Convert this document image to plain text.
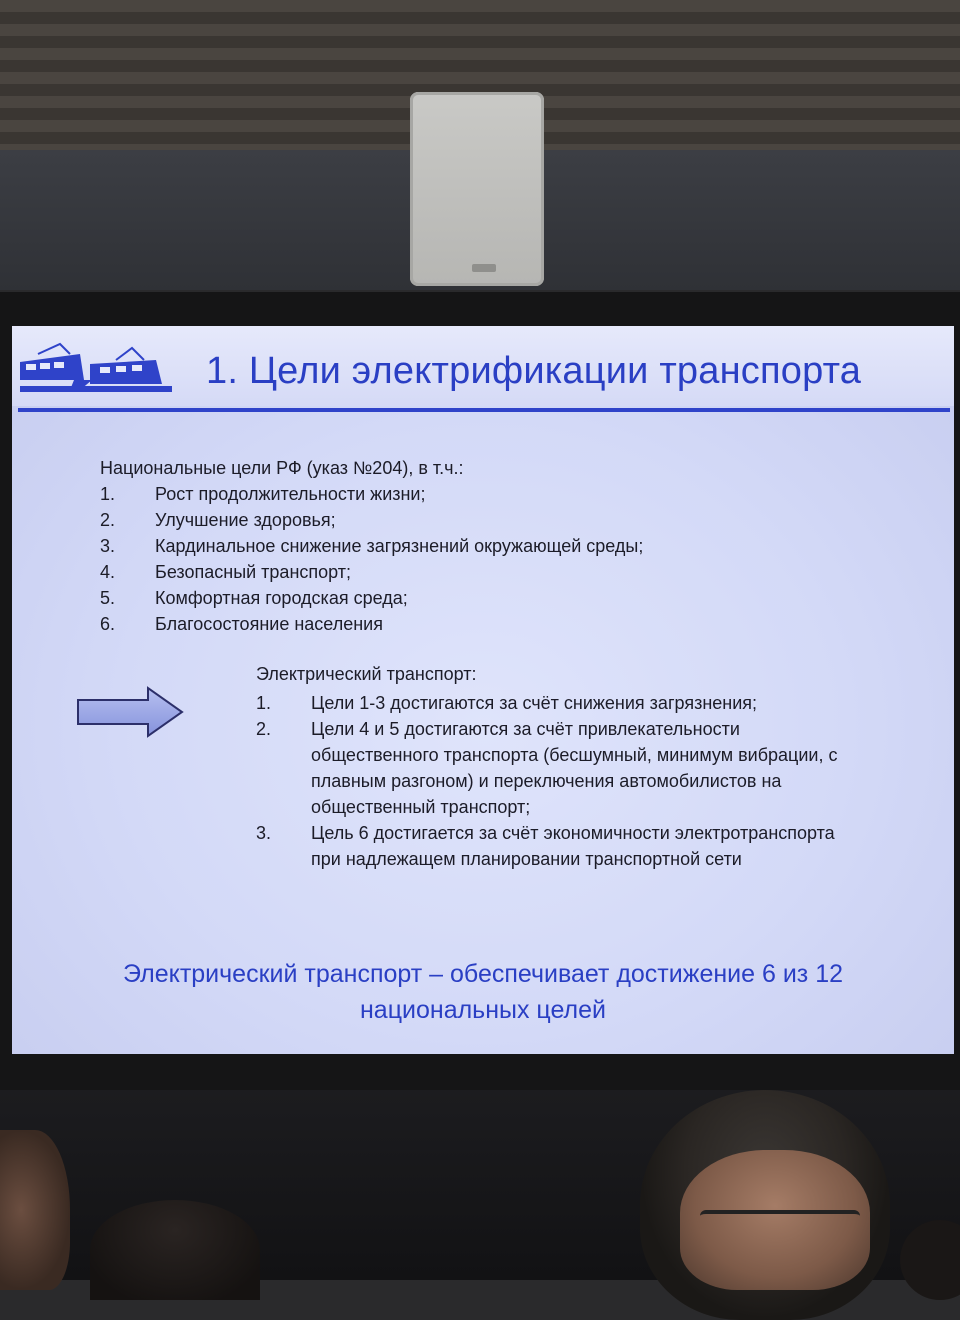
1. Цели электрификации транспорта
Национальные цели РФ (указ №204), в т.ч.:
1.	Рост продолжительности жизни;
2.	Улучшение здоровья;
3.	Кардинальное снижение загрязнений окружающей среды;
4.	Безопасный транспорт;
5.	Комфортная городская среда;
6.	Благосостояние населения
Электрический транспорт:
1.	Цели 1-3 достигаются за счёт снижения загрязнения;
2.	Цели 4 и 5 достигаются за счёт привлекательности общественного транспорта (бесшумный, минимум вибрации, с плавным разгоном) и переключения автомобилистов на общественный транспорт;
3.	Цель 6 достигается за счёт экономичности электротранспорта при надлежащем планировании транспортной сети
Электрический транспорт – обеспечивает достижение 6 из 12
национальных целей
